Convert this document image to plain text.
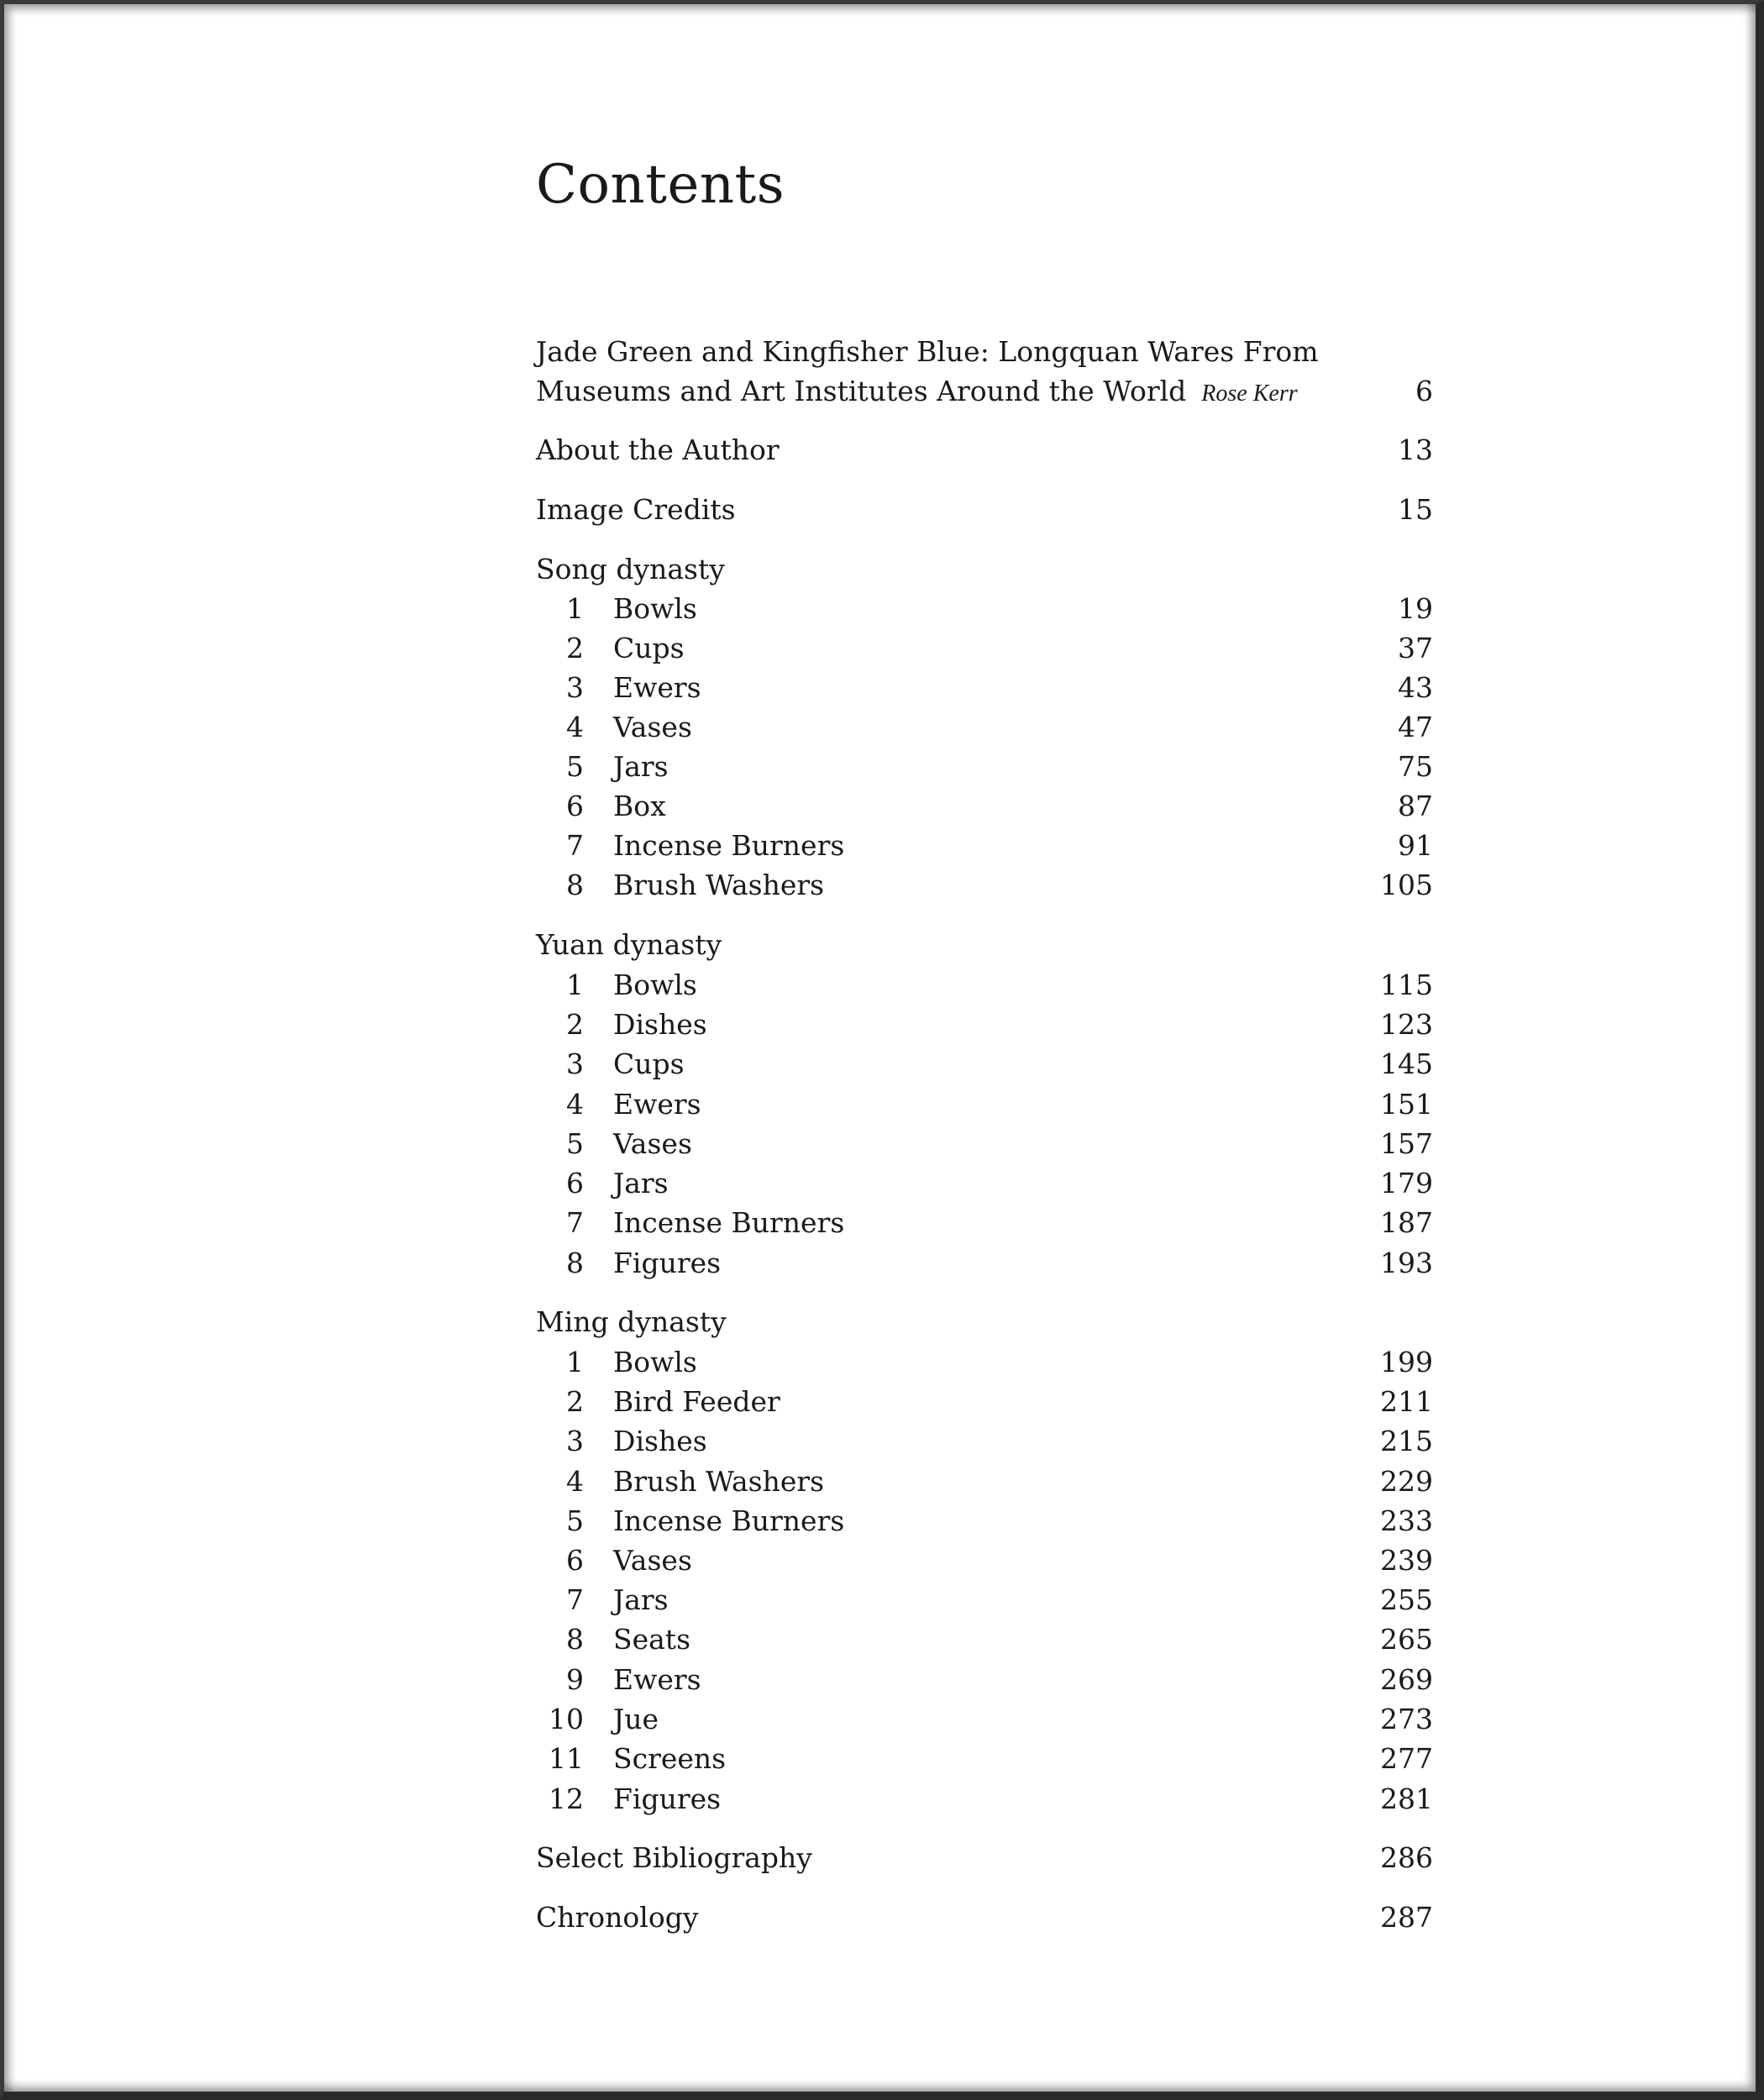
Contents
Jade Green and Kingfisher Blue: Longquan Wares From
Museums and Art Institutes Around the World Rose Kerr	6
About the Author	13
Image Credits	15
Song dynasty
1 Bowls	19
2 Cups	37
3 Ewers	43
4 Vases	47
5 Jars	75
6 Box	87
7 Incense Burners	91
8 Brush Washers	105
Yuan dynasty
1 Bowls	115
2 Dishes	123
3 Cups	145
4 Ewers	151
5 Vases	157
6 Jars	179
7 Incense Burners	187
8 Figures	193
Ming dynasty
1 Bowls	199
2 Bird Feeder	211
3 Dishes	215
4 Brush Washers	229
5 Incense Burners	233
6 Vases	239
7 Jars	255
8 Seats	265
9 Ewers	269
10 Jue	273
11 Screens	277
12 Figures	281
Select Bibliography	286
Chronology	287
